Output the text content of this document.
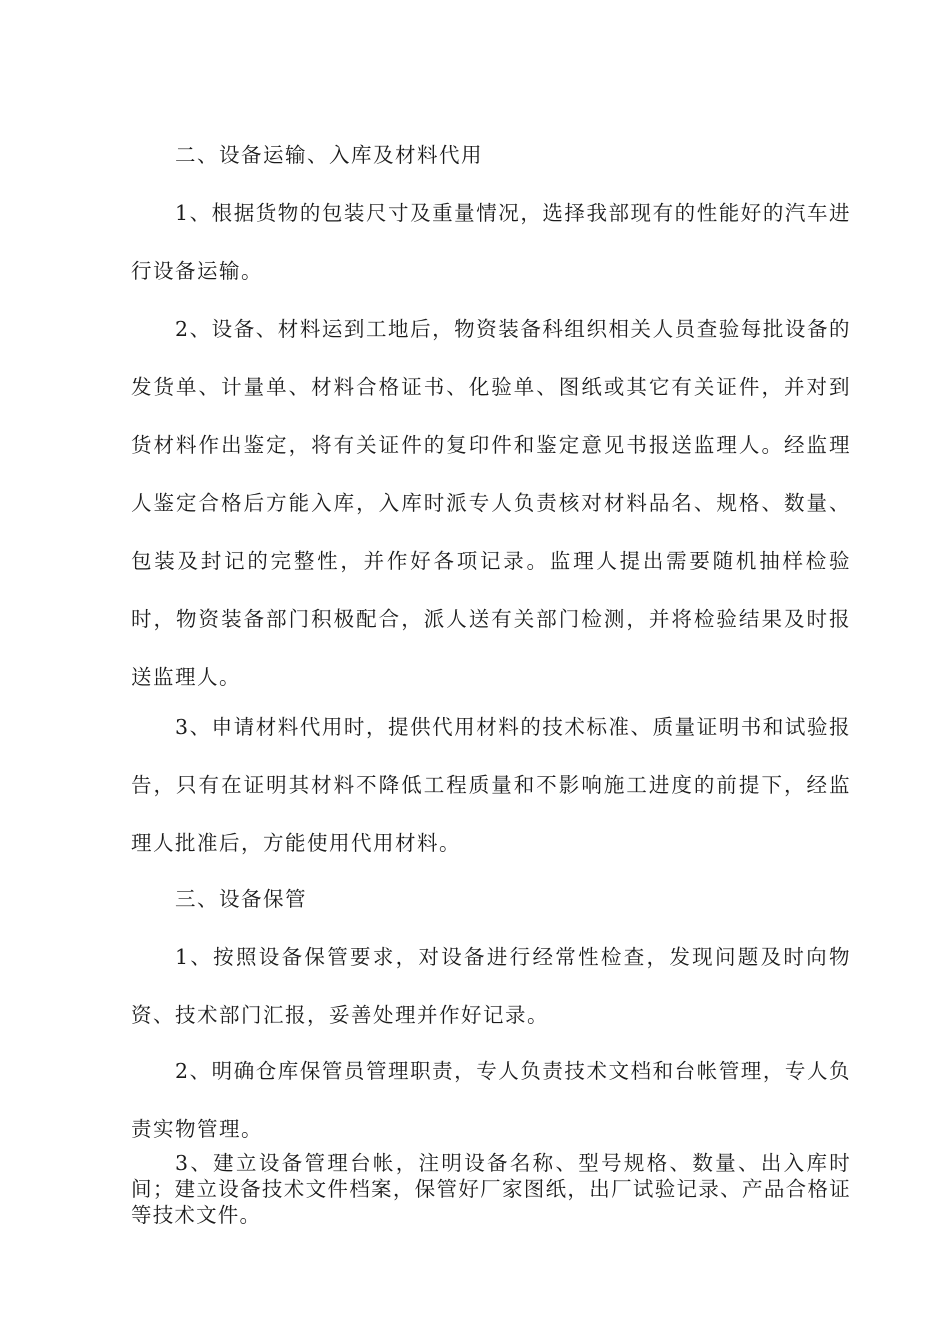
二、设备运输、入库及材料代用

1、根据货物的包装尺寸及重量情况，选择我部现有的性能好的汽车进行设备运输。

2、设备、材料运到工地后，物资装备科组织相关人员查验每批设备的发货单、计量单、材料合格证书、化验单、图纸或其它有关证件，并对到货材料作出鉴定，将有关证件的复印件和鉴定意见书报送监理人。经监理人鉴定合格后方能入库，入库时派专人负责核对材料品名、规格、数量、包装及封记的完整性，并作好各项记录。监理人提出需要随机抽样检验时，物资装备部门积极配合，派人送有关部门检测，并将检验结果及时报送监理人。

3、申请材料代用时，提供代用材料的技术标准、质量证明书和试验报告，只有在证明其材料不降低工程质量和不影响施工进度的前提下，经监理人批准后，方能使用代用材料。

三、设备保管

1、按照设备保管要求，对设备进行经常性检查，发现问题及时向物资、技术部门汇报，妥善处理并作好记录。

2、明确仓库保管员管理职责，专人负责技术文档和台帐管理，专人负责实物管理。

3、建立设备管理台帐，注明设备名称、型号规格、数量、出入库时间；建立设备技术文件档案，保管好厂家图纸，出厂试验记录、产品合格证等技术文件。
